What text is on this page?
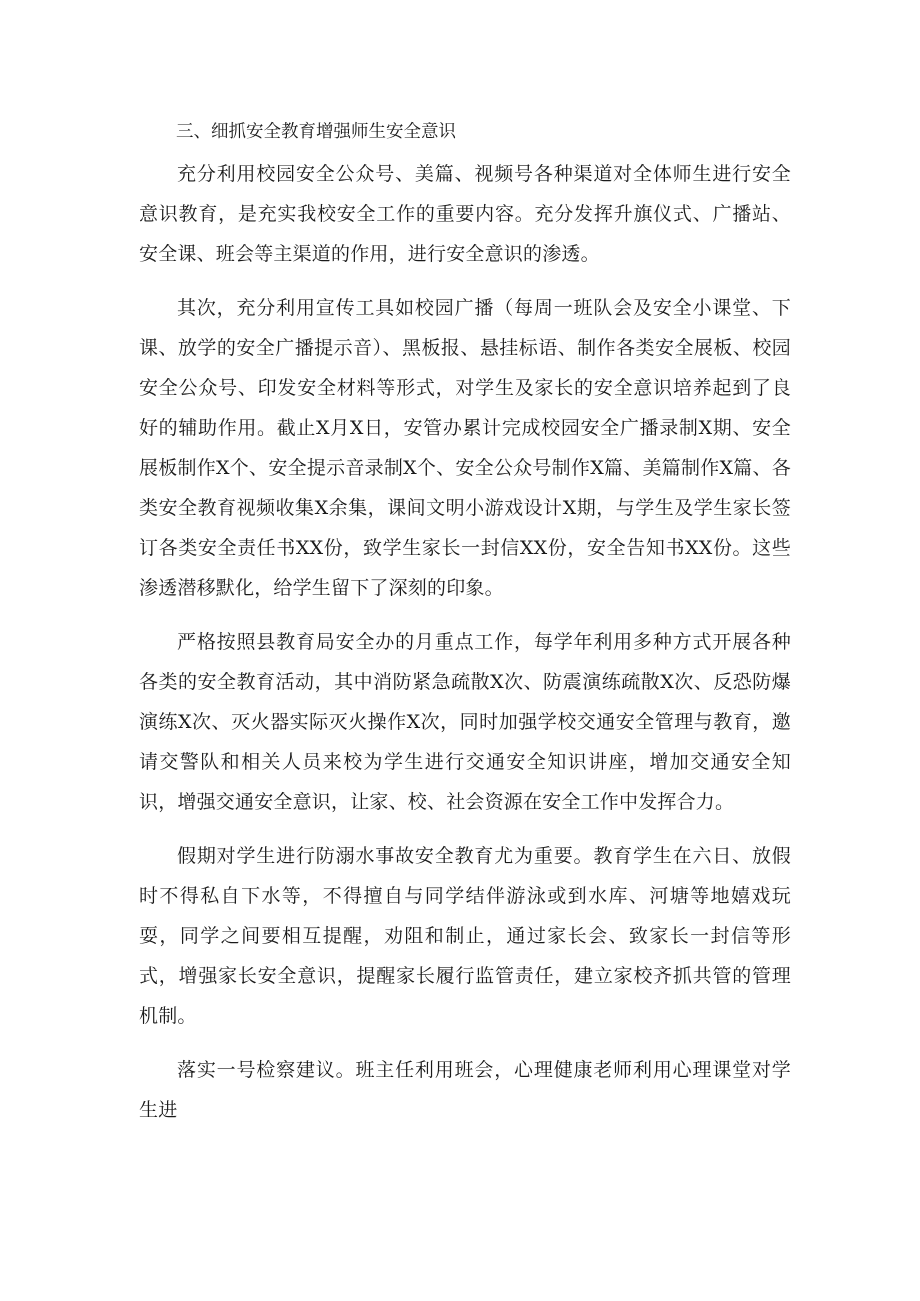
三、细抓安全教育增强师生安全意识

充分利用校园安全公众号、美篇、视频号各种渠道对全体师生进行安全意识教育，是充实我校安全工作的重要内容。充分发挥升旗仪式、广播站、安全课、班会等主渠道的作用，进行安全意识的渗透。

其次，充分利用宣传工具如校园广播（每周一班队会及安全小课堂、下课、放学的安全广播提示音）、黑板报、悬挂标语、制作各类安全展板、校园安全公众号、印发安全材料等形式，对学生及家长的安全意识培养起到了良好的辅助作用。截止X月X日，安管办累计完成校园安全广播录制X期、安全展板制作X个、安全提示音录制X个、安全公众号制作X篇、美篇制作X篇、各类安全教育视频收集X余集，课间文明小游戏设计X期，与学生及学生家长签订各类安全责任书XX份，致学生家长一封信XX份，安全告知书XX份。这些渗透潜移默化，给学生留下了深刻的印象。

严格按照县教育局安全办的月重点工作，每学年利用多种方式开展各种各类的安全教育活动，其中消防紧急疏散X次、防震演练疏散X次、反恐防爆演练X次、灭火器实际灭火操作X次，同时加强学校交通安全管理与教育，邀请交警队和相关人员来校为学生进行交通安全知识讲座，增加交通安全知识，增强交通安全意识，让家、校、社会资源在安全工作中发挥合力。

假期对学生进行防溺水事故安全教育尤为重要。教育学生在六日、放假时不得私自下水等，不得擅自与同学结伴游泳或到水库、河塘等地嬉戏玩耍，同学之间要相互提醒，劝阻和制止，通过家长会、致家长一封信等形式，增强家长安全意识，提醒家长履行监管责任，建立家校齐抓共管的管理机制。

落实一号检察建议。班主任利用班会，心理健康老师利用心理课堂对学生进
